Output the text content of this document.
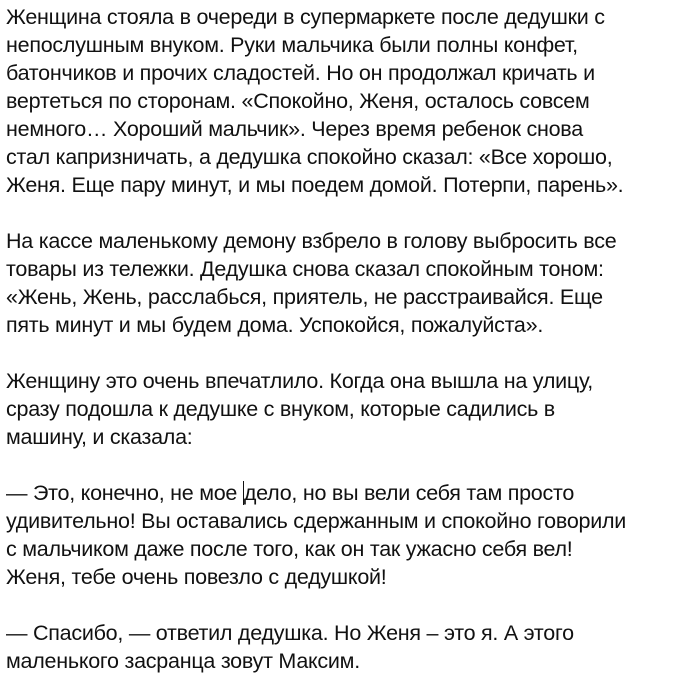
Женщина стояла в очереди в супермаркете после дедушки с
непослушным внуком. Руки мальчика были полны конфет,
батончиков и прочих сладостей. Но он продолжал кричать и
вертеться по сторонам. «Спокойно, Женя, осталось совсем
немного… Хороший мальчик». Через время ребенок снова
стал капризничать, а дедушка спокойно сказал: «Все хорошо,
Женя. Еще пару минут, и мы поедем домой. Потерпи, парень».
На кассе маленькому демону взбрело в голову выбросить все
товары из тележки. Дедушка снова сказал спокойным тоном:
«Жень, Жень, расслабься, приятель, не расстраивайся. Еще
пять минут и мы будем дома. Успокойся, пожалуйста».
Женщину это очень впечатлило. Когда она вышла на улицу,
сразу подошла к дедушке с внуком, которые садились в
машину, и сказала:
— Это, конечно, не мое дело, но вы вели себя там просто
удивительно! Вы оставались сдержанным и спокойно говорили
с мальчиком даже после того, как он так ужасно себя вел!
Женя, тебе очень повезло с дедушкой!
— Спасибо, — ответил дедушка. Но Женя – это я. А этого
маленького засранца зовут Максим.
